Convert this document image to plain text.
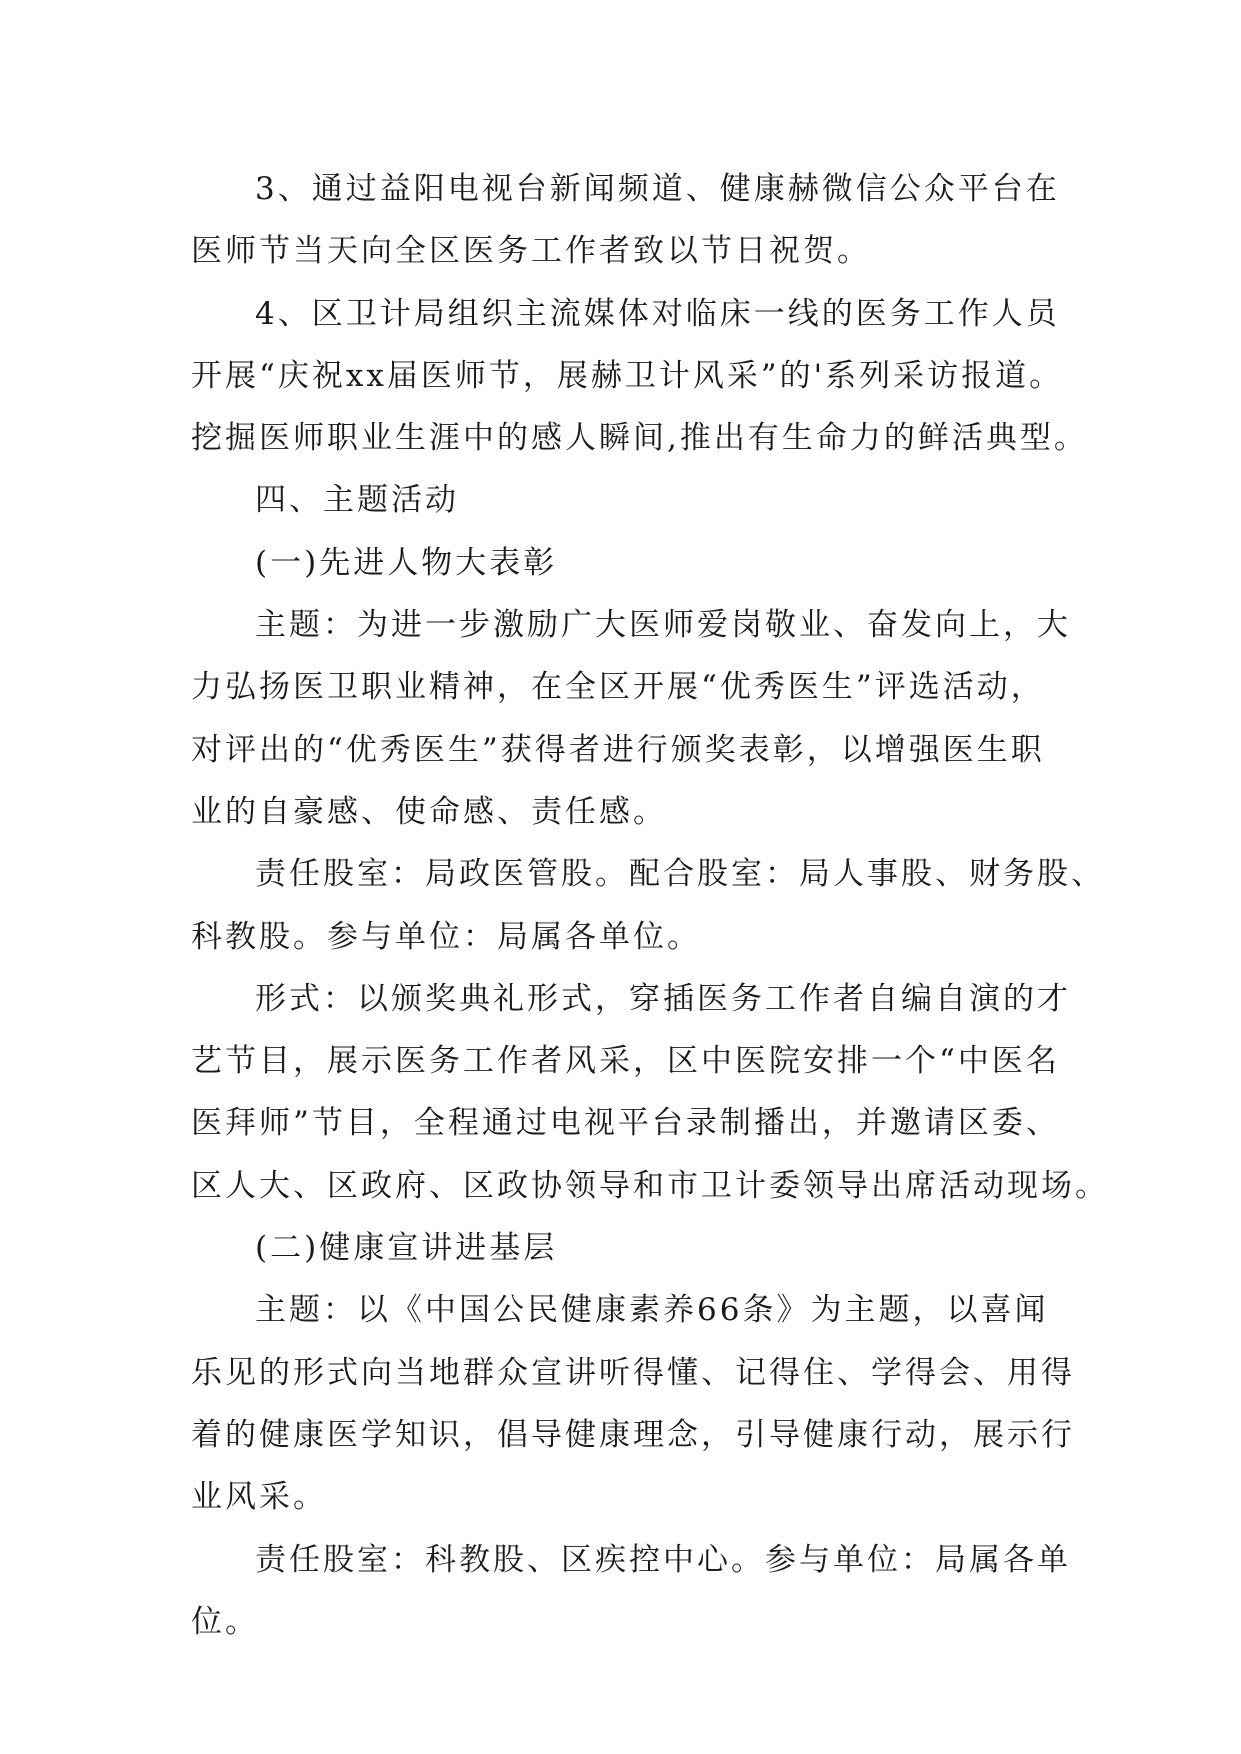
3、通过益阳电视台新闻频道、健康赫微信公众平台在
医师节当天向全区医务工作者致以节日祝贺。
4、区卫计局组织主流媒体对临床一线的医务工作人员
开展“庆祝xx届医师节，展赫卫计风采”的'系列采访报道。
挖掘医师职业生涯中的感人瞬间,推出有生命力的鲜活典型。
四、主题活动
(一)先进人物大表彰
主题：为进一步激励广大医师爱岗敬业、奋发向上，大
力弘扬医卫职业精神，在全区开展“优秀医生”评选活动，
对评出的“优秀医生”获得者进行颁奖表彰，以增强医生职
业的自豪感、使命感、责任感。
责任股室：局政医管股。配合股室：局人事股、财务股、
科教股。参与单位：局属各单位。
形式：以颁奖典礼形式，穿插医务工作者自编自演的才
艺节目，展示医务工作者风采，区中医院安排一个“中医名
医拜师”节目，全程通过电视平台录制播出，并邀请区委、
区人大、区政府、区政协领导和市卫计委领导出席活动现场。
(二)健康宣讲进基层
主题：以《中国公民健康素养66条》为主题，以喜闻
乐见的形式向当地群众宣讲听得懂、记得住、学得会、用得
着的健康医学知识，倡导健康理念，引导健康行动，展示行
业风采。
责任股室：科教股、区疾控中心。参与单位：局属各单
位。
